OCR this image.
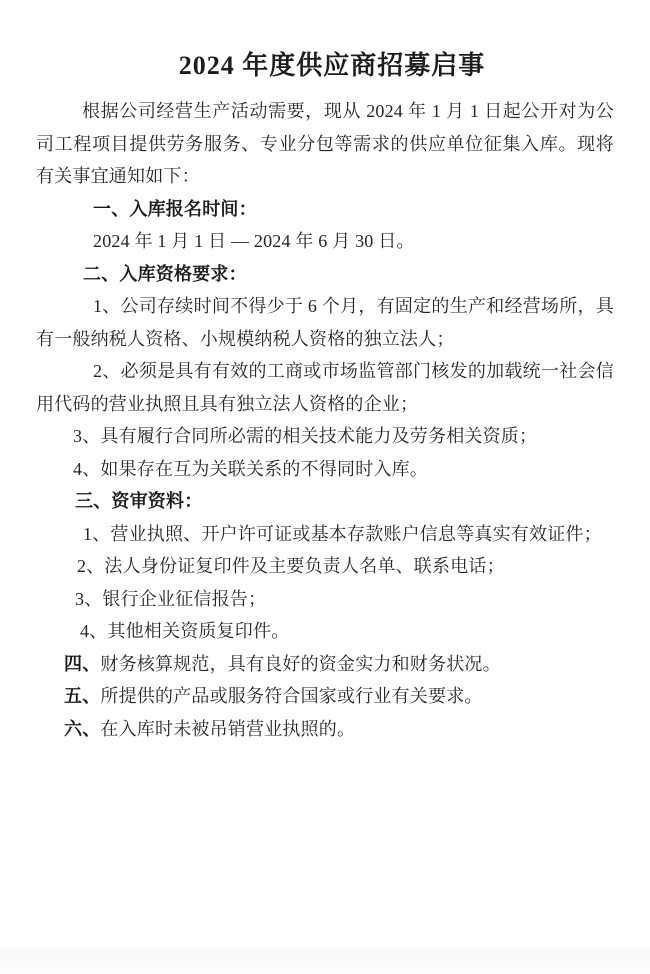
2024 年度供应商招募启事

根据公司经营生产活动需要，现从 2024 年 1 月 1 日起公开对为公司工程项目提供劳务服务、专业分包等需求的供应单位征集入库。现将有关事宜通知如下：

一、入库报名时间：

2024 年 1 月 1 日 — 2024 年 6 月 30 日。

二、入库资格要求：

1、公司存续时间不得少于 6 个月，有固定的生产和经营场所，具有一般纳税人资格、小规模纳税人资格的独立法人；

2、必须是具有有效的工商或市场监管部门核发的加载统一社会信用代码的营业执照且具有独立法人资格的企业；

3、具有履行合同所必需的相关技术能力及劳务相关资质；

4、如果存在互为关联关系的不得同时入库。

三、资审资料：

1、营业执照、开户许可证或基本存款账户信息等真实有效证件；

2、法人身份证复印件及主要负责人名单、联系电话；

3、银行企业征信报告；

4、其他相关资质复印件。

四、财务核算规范，具有良好的资金实力和财务状况。

五、所提供的产品或服务符合国家或行业有关要求。

六、在入库时未被吊销营业执照的。
